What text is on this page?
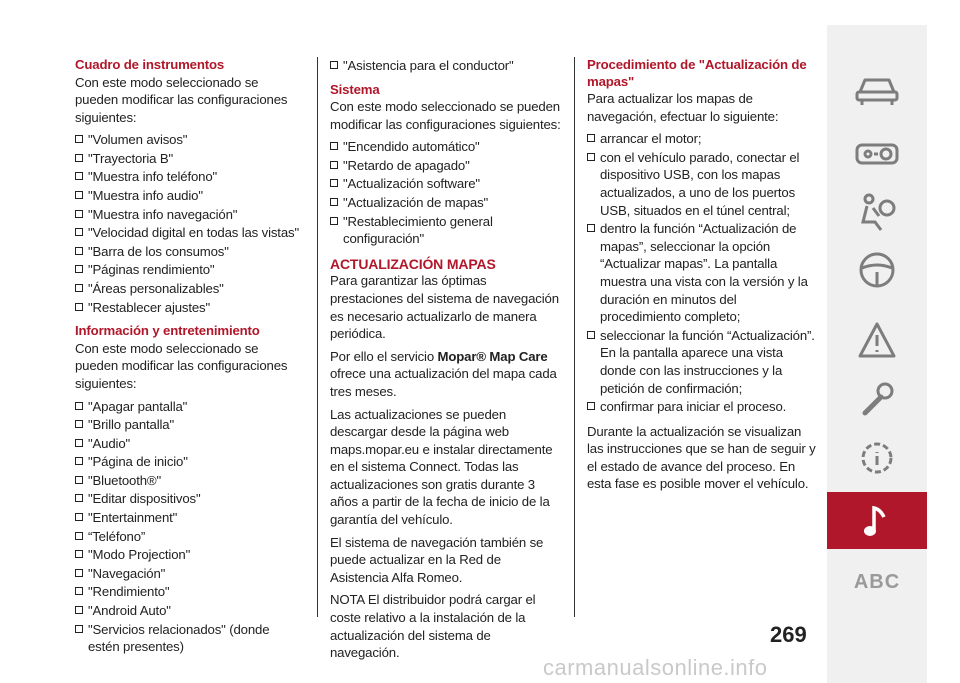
Cuadro de instrumentos

Con este modo seleccionado se pueden modificar las configuraciones siguientes:

"Volumen avisos"
"Trayectoria B"
"Muestra info teléfono"
"Muestra info audio"
"Muestra info navegación"
"Velocidad digital en todas las vistas"
"Barra de los consumos"
"Páginas rendimiento"
"Áreas personalizables"
"Restablecer ajustes"

Información y entretenimiento

Con este modo seleccionado se pueden modificar las configuraciones siguientes:

"Apagar pantalla"
"Brillo pantalla"
"Audio"
"Página de inicio"
"Bluetooth®"
"Editar dispositivos"
"Entertainment"
“Teléfono”
"Modo Projection"
"Navegación"
"Rendimiento"
"Android Auto"
"Servicios relacionados" (donde estén presentes)
"Asistencia para el conductor"

Sistema

Con este modo seleccionado se pueden modificar las configuraciones siguientes:

"Encendido automático"
"Retardo de apagado"
"Actualización software"
"Actualización de mapas"
"Restablecimiento general configuración"

ACTUALIZACIÓN MAPAS

Para garantizar las óptimas prestaciones del sistema de navegación es necesario actualizarlo de manera periódica.

Por ello el servicio Mopar® Map Care ofrece una actualización del mapa cada tres meses.

Las actualizaciones se pueden descargar desde la página web maps.mopar.eu e instalar directamente en el sistema Connect. Todas las actualizaciones son gratis durante 3 años a partir de la fecha de inicio de la garantía del vehículo.

El sistema de navegación también se puede actualizar en la Red de Asistencia Alfa Romeo.

NOTA El distribuidor podrá cargar el coste relativo a la instalación de la actualización del sistema de navegación.

Procedimiento de "Actualización de mapas"

Para actualizar los mapas de navegación, efectuar lo siguiente:

arrancar el motor;
con el vehículo parado, conectar el dispositivo USB, con los mapas actualizados, a uno de los puertos USB, situados en el túnel central;
dentro la función “Actualización de mapas”, seleccionar la opción “Actualizar mapas”. La pantalla muestra una vista con la versión y la duración en minutos del procedimiento completo;
seleccionar la función “Actualización”. En la pantalla aparece una vista donde con las instrucciones y la petición de confirmación;
confirmar para iniciar el proceso.

Durante la actualización se visualizan las instrucciones que se han de seguir y el estado de avance del proceso. En esta fase es posible mover el vehículo.

ABC
269
carmanualsonline.info
